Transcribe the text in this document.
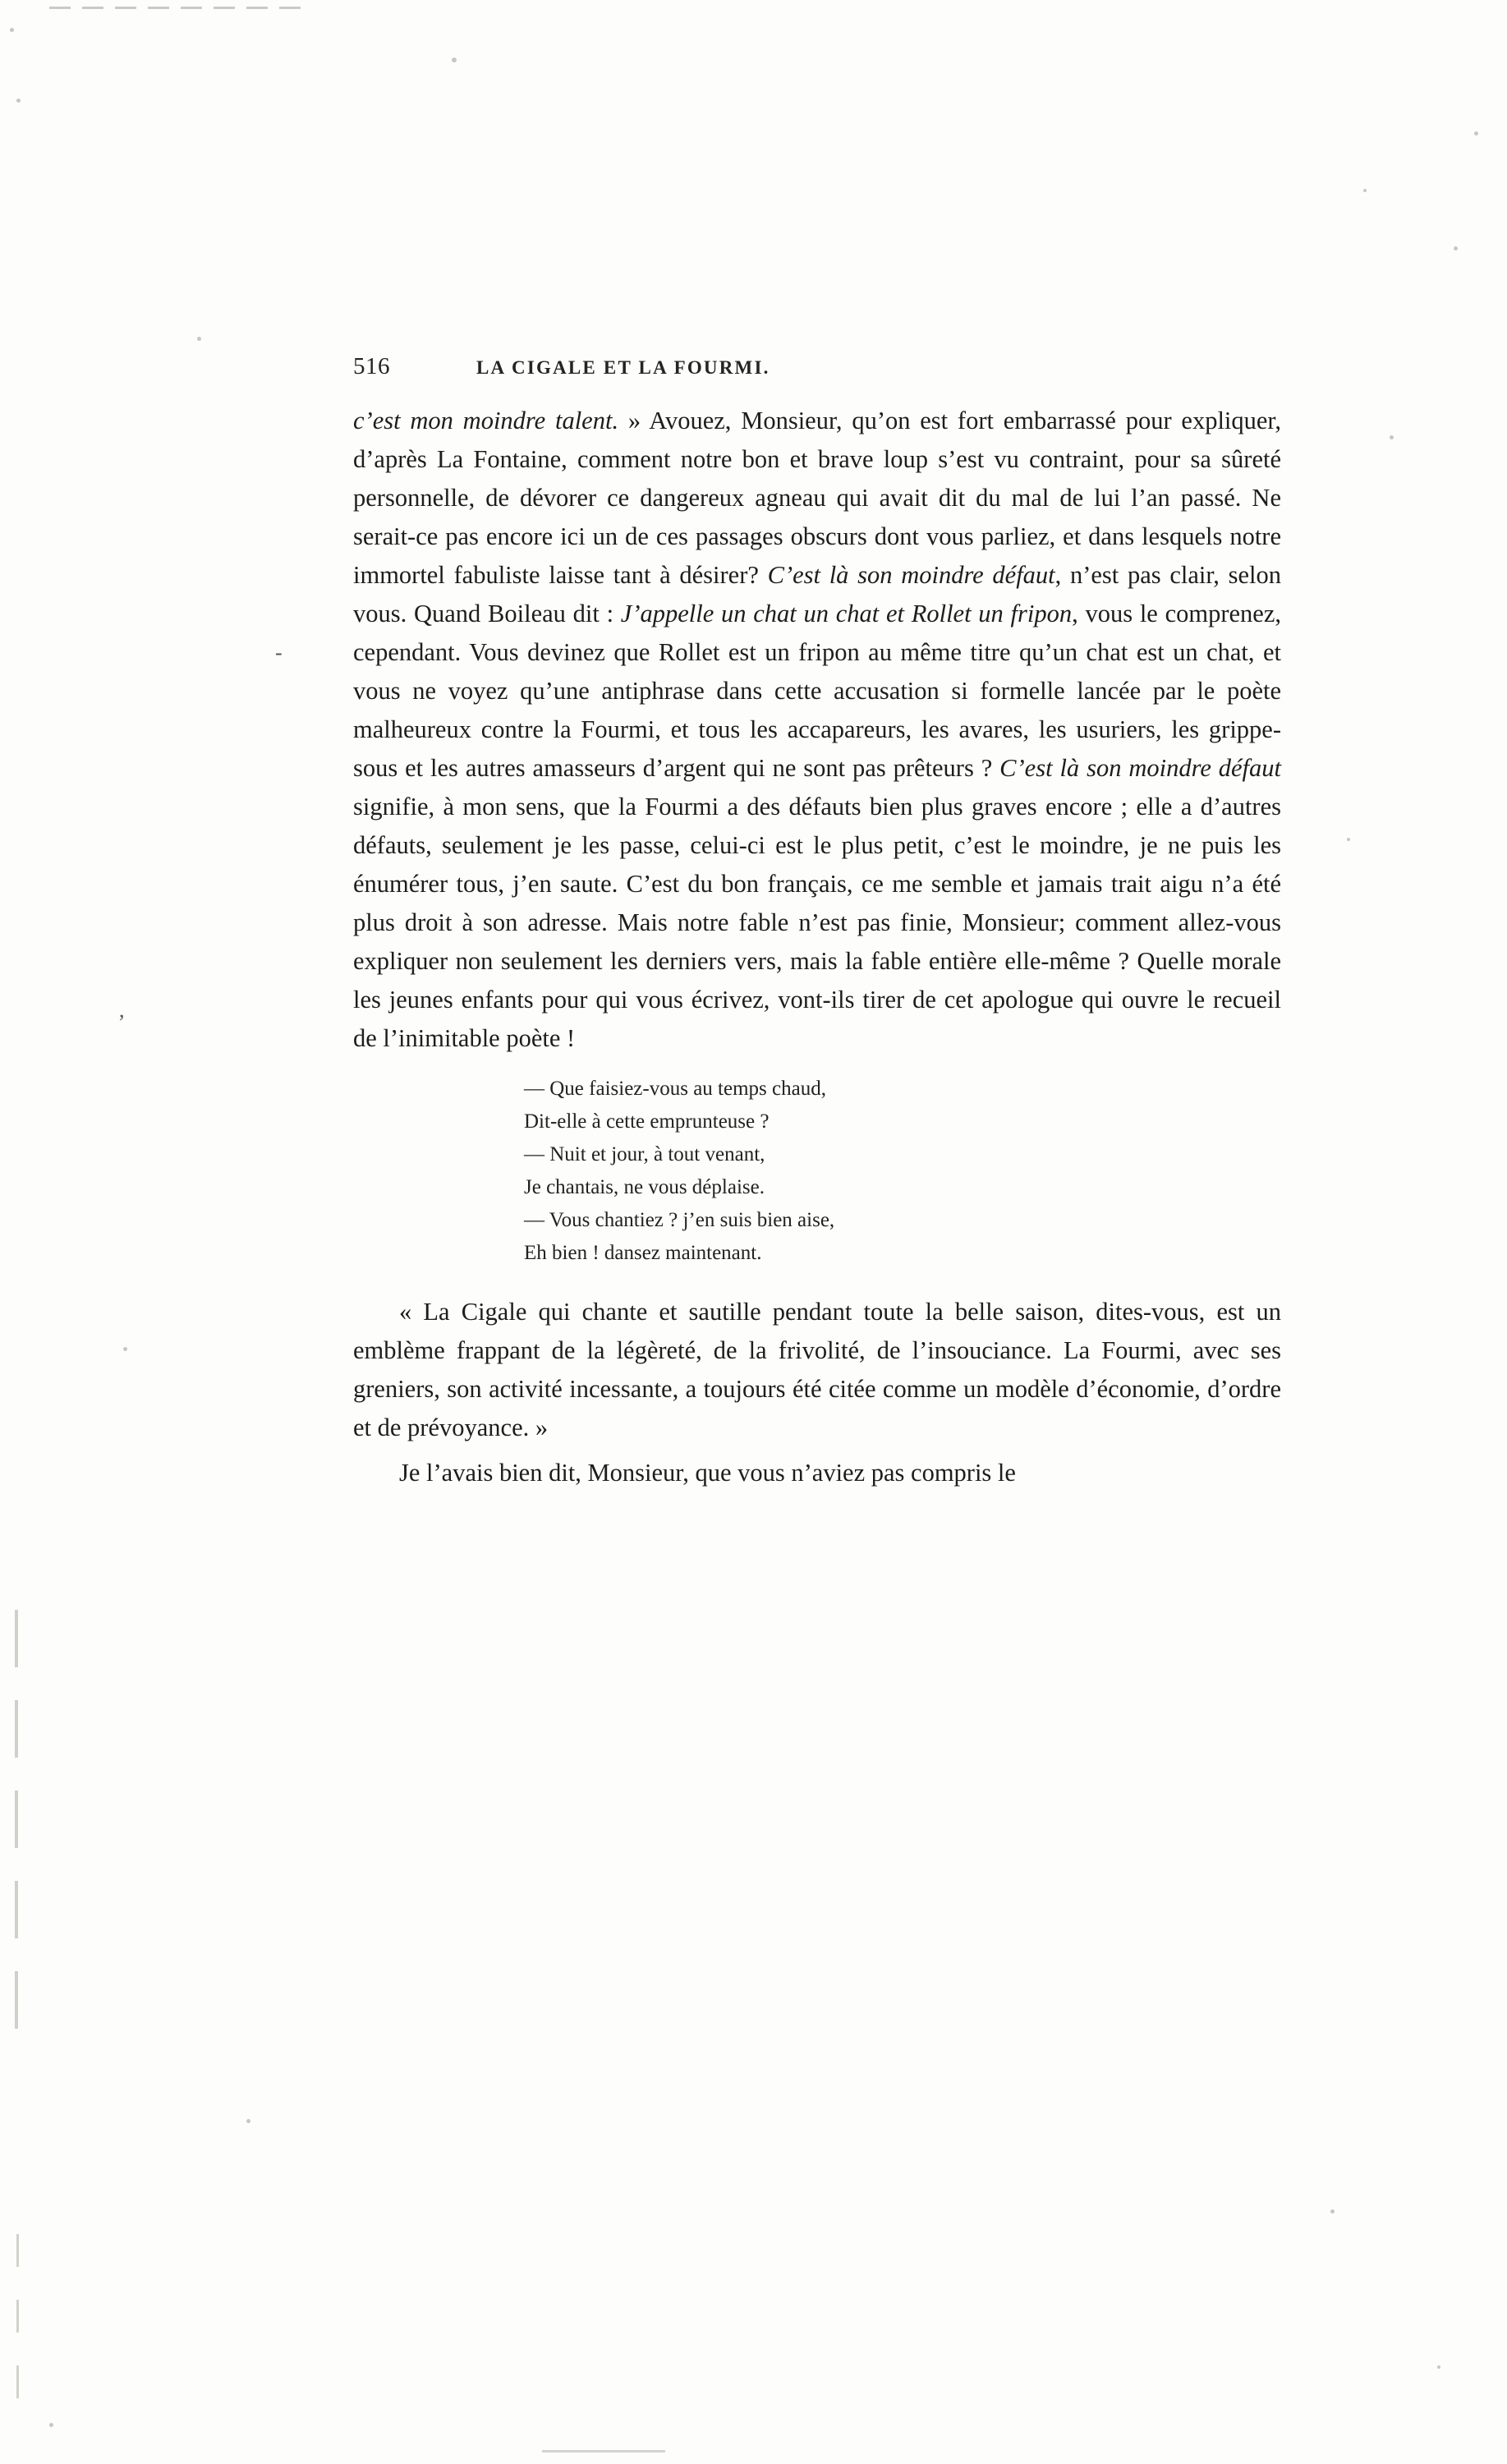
-
,
516	LA CIGALE ET LA FOURMI.

c’est mon moindre talent. » Avouez, Monsieur, qu’on est fort embarrassé pour expliquer, d’après La Fontaine, comment notre bon et brave loup s’est vu contraint, pour sa sûreté personnelle, de dévorer ce dangereux agneau qui avait dit du mal de lui l’an passé. Ne serait-ce pas encore ici un de ces passages obscurs dont vous parliez, et dans lesquels notre immortel fabuliste laisse tant à désirer? C’est là son moindre défaut, n’est pas clair, selon vous. Quand Boileau dit : J’appelle un chat un chat et Rollet un fripon, vous le comprenez, cependant. Vous devinez que Rollet est un fripon au même titre qu’un chat est un chat, et vous ne voyez qu’une antiphrase dans cette accusation si formelle lancée par le poète malheureux contre la Fourmi, et tous les accapareurs, les avares, les usuriers, les grippe-sous et les autres amasseurs d’argent qui ne sont pas prêteurs ? C’est là son moindre défaut signifie, à mon sens, que la Fourmi a des défauts bien plus graves encore ; elle a d’autres défauts, seulement je les passe, celui-ci est le plus petit, c’est le moindre, je ne puis les énumérer tous, j’en saute. C’est du bon français, ce me semble et jamais trait aigu n’a été plus droit à son adresse. Mais notre fable n’est pas finie, Monsieur; comment allez-vous expliquer non seulement les derniers vers, mais la fable entière elle-même ? Quelle morale les jeunes enfants pour qui vous écrivez, vont-ils tirer de cet apologue qui ouvre le recueil de l’inimitable poète !

— Que faisiez-vous au temps chaud,
Dit-elle à cette emprunteuse ?
— Nuit et jour, à tout venant,
Je chantais, ne vous déplaise.
— Vous chantiez ? j’en suis bien aise,
Eh bien ! dansez maintenant.

« La Cigale qui chante et sautille pendant toute la belle saison, dites-vous, est un emblème frappant de la légèreté, de la frivolité, de l’insouciance. La Fourmi, avec ses greniers, son activité incessante, a toujours été citée comme un modèle d’économie, d’ordre et de prévoyance. »

Je l’avais bien dit, Monsieur, que vous n’aviez pas compris le
